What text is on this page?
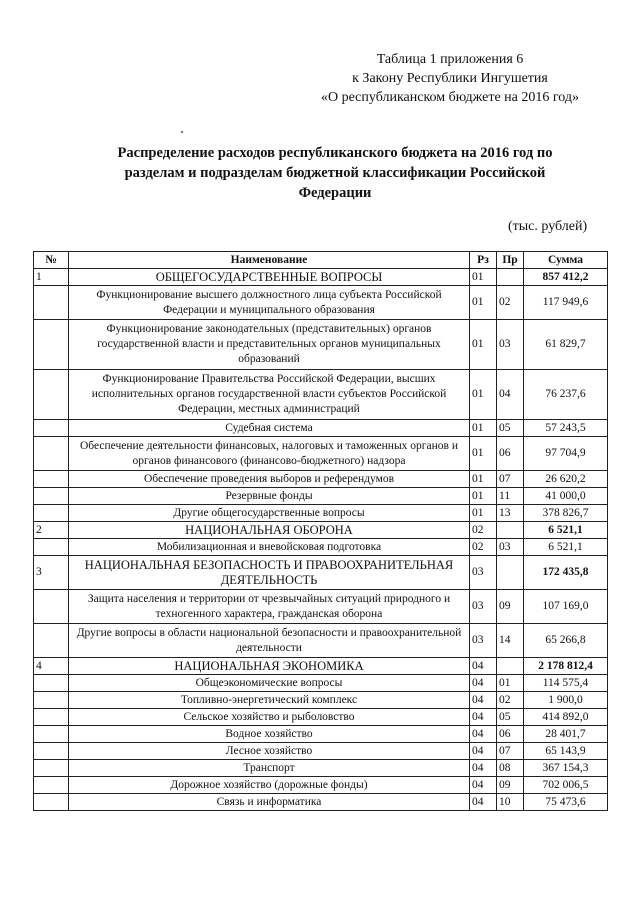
Таблица 1 приложения 6
к Закону Республики Ингушетия
«О республиканском бюджете на 2016 год»
Распределение расходов республиканского бюджета на 2016 год по разделам и подразделам бюджетной классификации Российской Федерации
(тыс. рублей)
№	Наименование	Рз	Пр	Сумма
1	ОБЩЕГОСУДАРСТВЕННЫЕ ВОПРОСЫ	01		857 412,2
	Функционирование высшего должностного лица субъекта Российской Федерации и муниципального образования	01	02	117 949,6
	Функционирование законодательных (представительных) органов государственной власти и представительных органов муниципальных образований	01	03	61 829,7
	Функционирование Правительства Российской Федерации, высших исполнительных органов государственной власти субъектов Российской Федерации, местных администраций	01	04	76 237,6
	Судебная система	01	05	57 243,5
	Обеспечение деятельности финансовых, налоговых и таможенных органов и органов финансового (финансово-бюджетного) надзора	01	06	97 704,9
	Обеспечение проведения выборов и референдумов	01	07	26 620,2
	Резервные фонды	01	11	41 000,0
	Другие общегосударственные вопросы	01	13	378 826,7
2	НАЦИОНАЛЬНАЯ ОБОРОНА	02		6 521,1
	Мобилизационная и вневойсковая подготовка	02	03	6 521,1
3	НАЦИОНАЛЬНАЯ БЕЗОПАСНОСТЬ И ПРАВООХРАНИТЕЛЬНАЯ ДЕЯТЕЛЬНОСТЬ	03		172 435,8
	Защита населения и территории от чрезвычайных ситуаций природного и техногенного характера, гражданская оборона	03	09	107 169,0
	Другие вопросы в области национальной безопасности и правоохранительной деятельности	03	14	65 266,8
4	НАЦИОНАЛЬНАЯ ЭКОНОМИКА	04		2 178 812,4
	Общеэкономические вопросы	04	01	114 575,4
	Топливно-энергетический комплекс	04	02	1 900,0
	Сельское хозяйство и рыболовство	04	05	414 892,0
	Водное хозяйство	04	06	28 401,7
	Лесное хозяйство	04	07	65 143,9
	Транспорт	04	08	367 154,3
	Дорожное хозяйство (дорожные фонды)	04	09	702 006,5
	Связь и информатика	04	10	75 473,6
